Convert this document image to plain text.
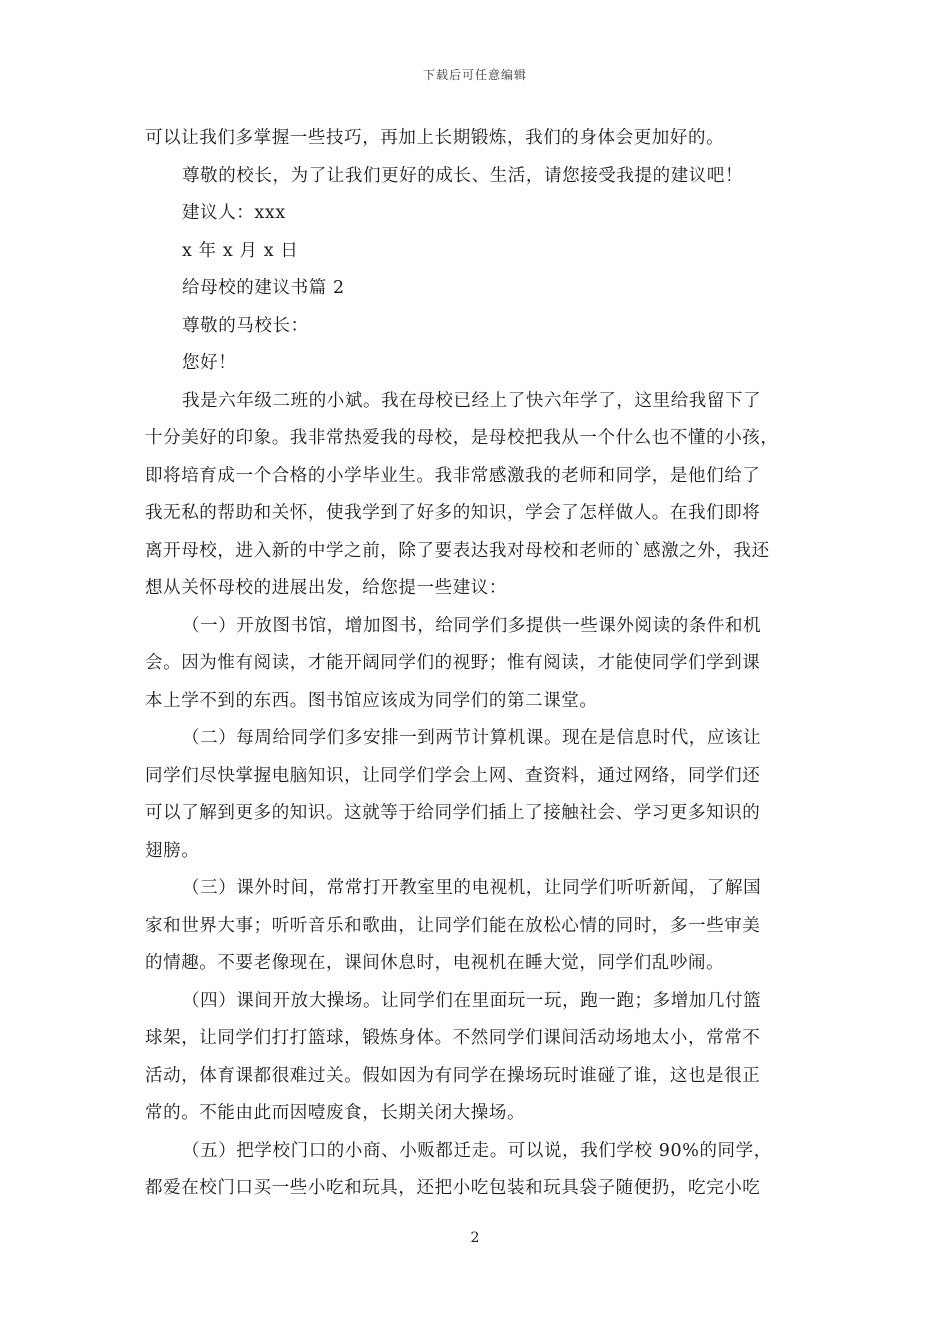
下载后可任意编辑
可以让我们多掌握一些技巧，再加上长期锻炼，我们的身体会更加好的。
尊敬的校长，为了让我们更好的成长、生活，请您接受我提的建议吧！
建议人：xxx
x 年 x 月 x 日
给母校的建议书篇 2
尊敬的马校长：
您好！
我是六年级二班的小斌。我在母校已经上了快六年学了，这里给我留下了
十分美好的印象。我非常热爱我的母校，是母校把我从一个什么也不懂的小孩，
即将培育成一个合格的小学毕业生。我非常感激我的老师和同学，是他们给了
我无私的帮助和关怀，使我学到了好多的知识，学会了怎样做人。在我们即将
离开母校，进入新的中学之前，除了要表达我对母校和老师的`感激之外，我还
想从关怀母校的进展出发，给您提一些建议：
（一）开放图书馆，增加图书，给同学们多提供一些课外阅读的条件和机
会。因为惟有阅读，才能开阔同学们的视野；惟有阅读，才能使同学们学到课
本上学不到的东西。图书馆应该成为同学们的第二课堂。
（二）每周给同学们多安排一到两节计算机课。现在是信息时代，应该让
同学们尽快掌握电脑知识，让同学们学会上网、查资料，通过网络，同学们还
可以了解到更多的知识。这就等于给同学们插上了接触社会、学习更多知识的
翅膀。
（三）课外时间，常常打开教室里的电视机，让同学们听听新闻，了解国
家和世界大事；听听音乐和歌曲，让同学们能在放松心情的同时，多一些审美
的情趣。不要老像现在，课间休息时，电视机在睡大觉，同学们乱吵闹。
（四）课间开放大操场。让同学们在里面玩一玩，跑一跑；多增加几付篮
球架，让同学们打打篮球，锻炼身体。不然同学们课间活动场地太小，常常不
活动，体育课都很难过关。假如因为有同学在操场玩时谁碰了谁，这也是很正
常的。不能由此而因噎废食，长期关闭大操场。
（五）把学校门口的小商、小贩都迁走。可以说，我们学校 90%的同学，
都爱在校门口买一些小吃和玩具，还把小吃包装和玩具袋子随便扔，吃完小吃
2
